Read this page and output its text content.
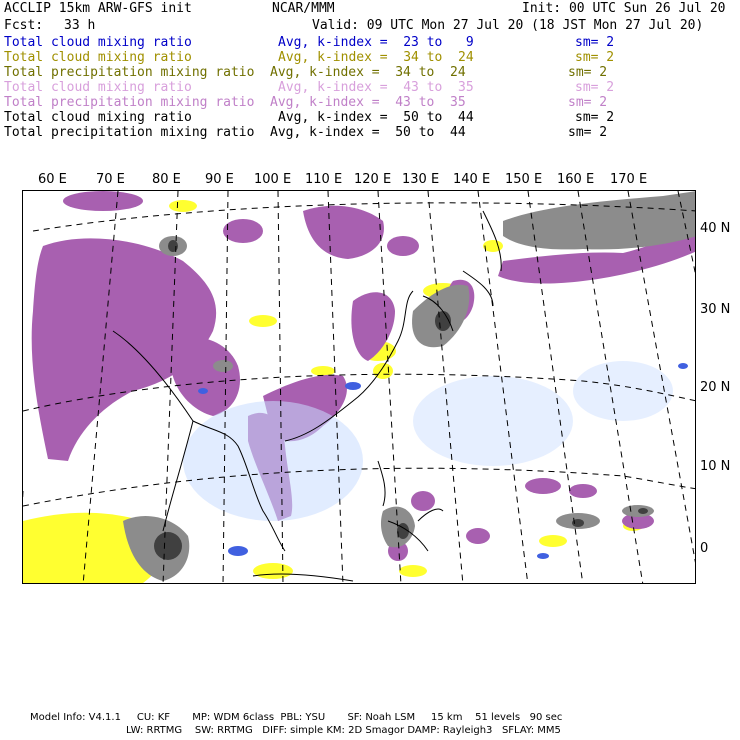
ACCLIP 15km ARW-GFS init	NCAR/MMM	Init: 00 UTC Sun 26 Jul 20
Fcst: 33 h	Valid: 09 UTC Mon 27 Jul 20 (18 JST Mon 27 Jul 20)
Total cloud mixing ratio	Avg, k-index =  23 to   9	sm= 2
Total cloud mixing ratio	Avg, k-index =  34 to  24	sm= 2
Total precipitation mixing ratio Avg, k-index =  34 to  24	sm= 2
Total cloud mixing ratio	Avg, k-index =  43 to  35	sm= 2
Total precipitation mixing ratio Avg, k-index =  43 to  35	sm= 2
Total cloud mixing ratio	Avg, k-index =  50 to  44	sm= 2
Total precipitation mixing ratio Avg, k-index =  50 to  44	sm= 2
60 E 70 E 80 E 90 E 100 E 110 E 120 E 130 E 140 E 150 E 160 E 170 E
40 N
30 N
20 N
10 N
0
Model Info: V4.1.1     CU: KF       MP: WDM 6class  PBL: YSU       SF: Noah LSM     15 km    51 levels   90 sec
LW: RRTMG    SW: RRTMG   DIFF: simple KM: 2D Smagor DAMP: Rayleigh3   SFLAY: MM5
